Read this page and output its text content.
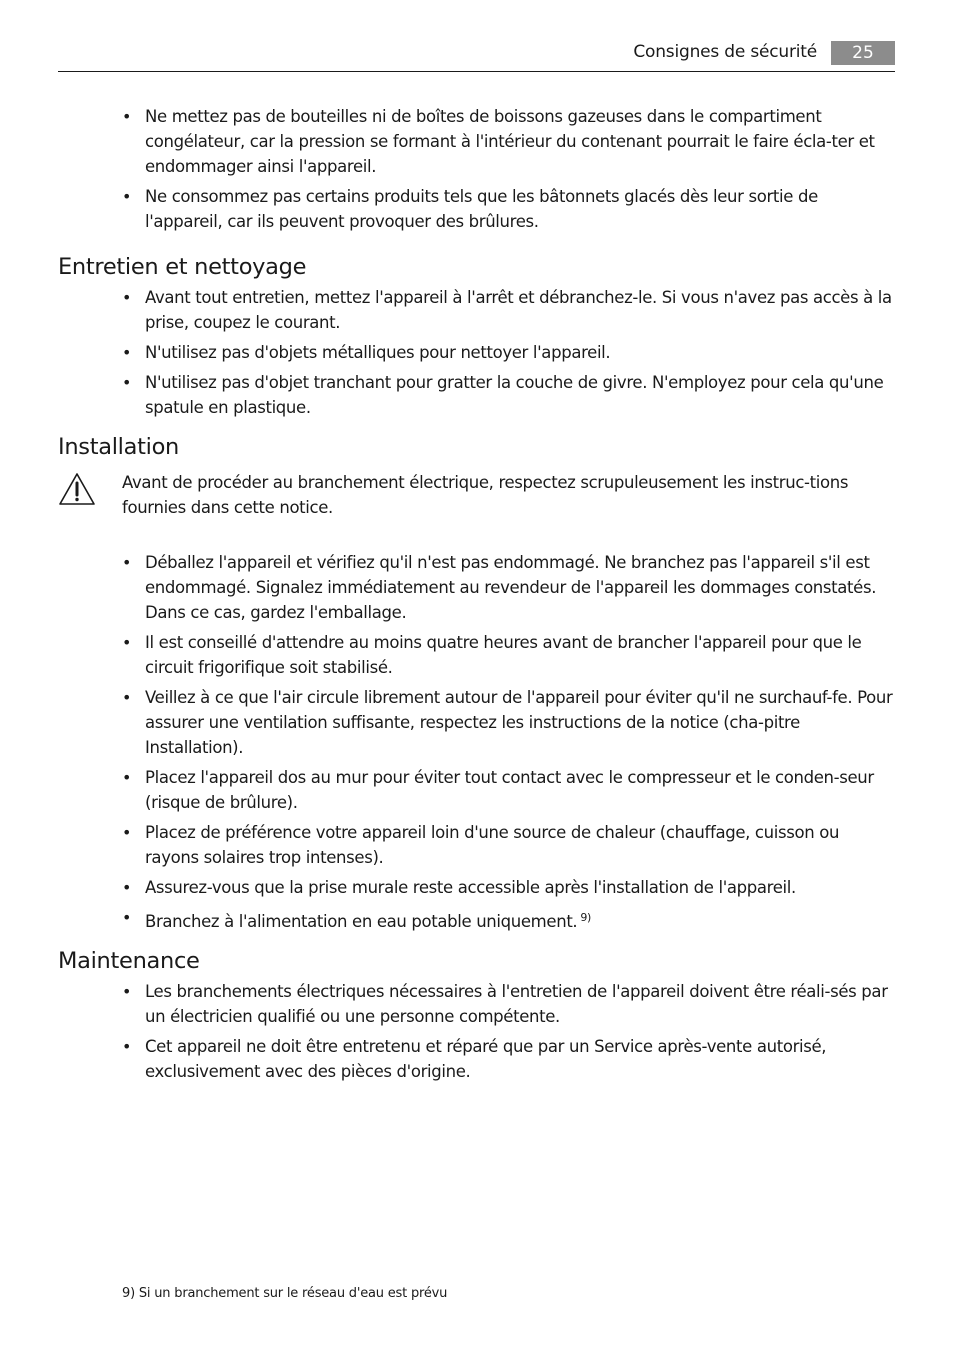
Consignes de sécurité	25
• Ne mettez pas de bouteilles ni de boîtes de boissons gazeuses dans le compartiment congélateur, car la pression se formant à l'intérieur du contenant pourrait le faire écla-ter et endommager ainsi l'appareil.
• Ne consommez pas certains produits tels que les bâtonnets glacés dès leur sortie de l'appareil, car ils peuvent provoquer des brûlures.
Entretien et nettoyage
• Avant tout entretien, mettez l'appareil à l'arrêt et débranchez-le. Si vous n'avez pas accès à la prise, coupez le courant.
• N'utilisez pas d'objets métalliques pour nettoyer l'appareil.
• N'utilisez pas d'objet tranchant pour gratter la couche de givre. N'employez pour cela qu'une spatule en plastique.
Installation
Avant de procéder au branchement électrique, respectez scrupuleusement les instruc-tions fournies dans cette notice.
• Déballez l'appareil et vérifiez qu'il n'est pas endommagé. Ne branchez pas l'appareil s'il est endommagé. Signalez immédiatement au revendeur de l'appareil les dommages constatés. Dans ce cas, gardez l'emballage.
• Il est conseillé d'attendre au moins quatre heures avant de brancher l'appareil pour que le circuit frigorifique soit stabilisé.
• Veillez à ce que l'air circule librement autour de l'appareil pour éviter qu'il ne surchauf-fe. Pour assurer une ventilation suffisante, respectez les instructions de la notice (cha-pitre Installation).
• Placez l'appareil dos au mur pour éviter tout contact avec le compresseur et le conden-seur (risque de brûlure).
• Placez de préférence votre appareil loin d'une source de chaleur (chauffage, cuisson ou rayons solaires trop intenses).
• Assurez-vous que la prise murale reste accessible après l'installation de l'appareil.
• Branchez à l'alimentation en eau potable uniquement. $^{9)}$
Maintenance
• Les branchements électriques nécessaires à l'entretien de l'appareil doivent être réali-sés par un électricien qualifié ou une personne compétente.
• Cet appareil ne doit être entretenu et réparé que par un Service après-vente autorisé, exclusivement avec des pièces d'origine.
9) Si un branchement sur le réseau d'eau est prévu
